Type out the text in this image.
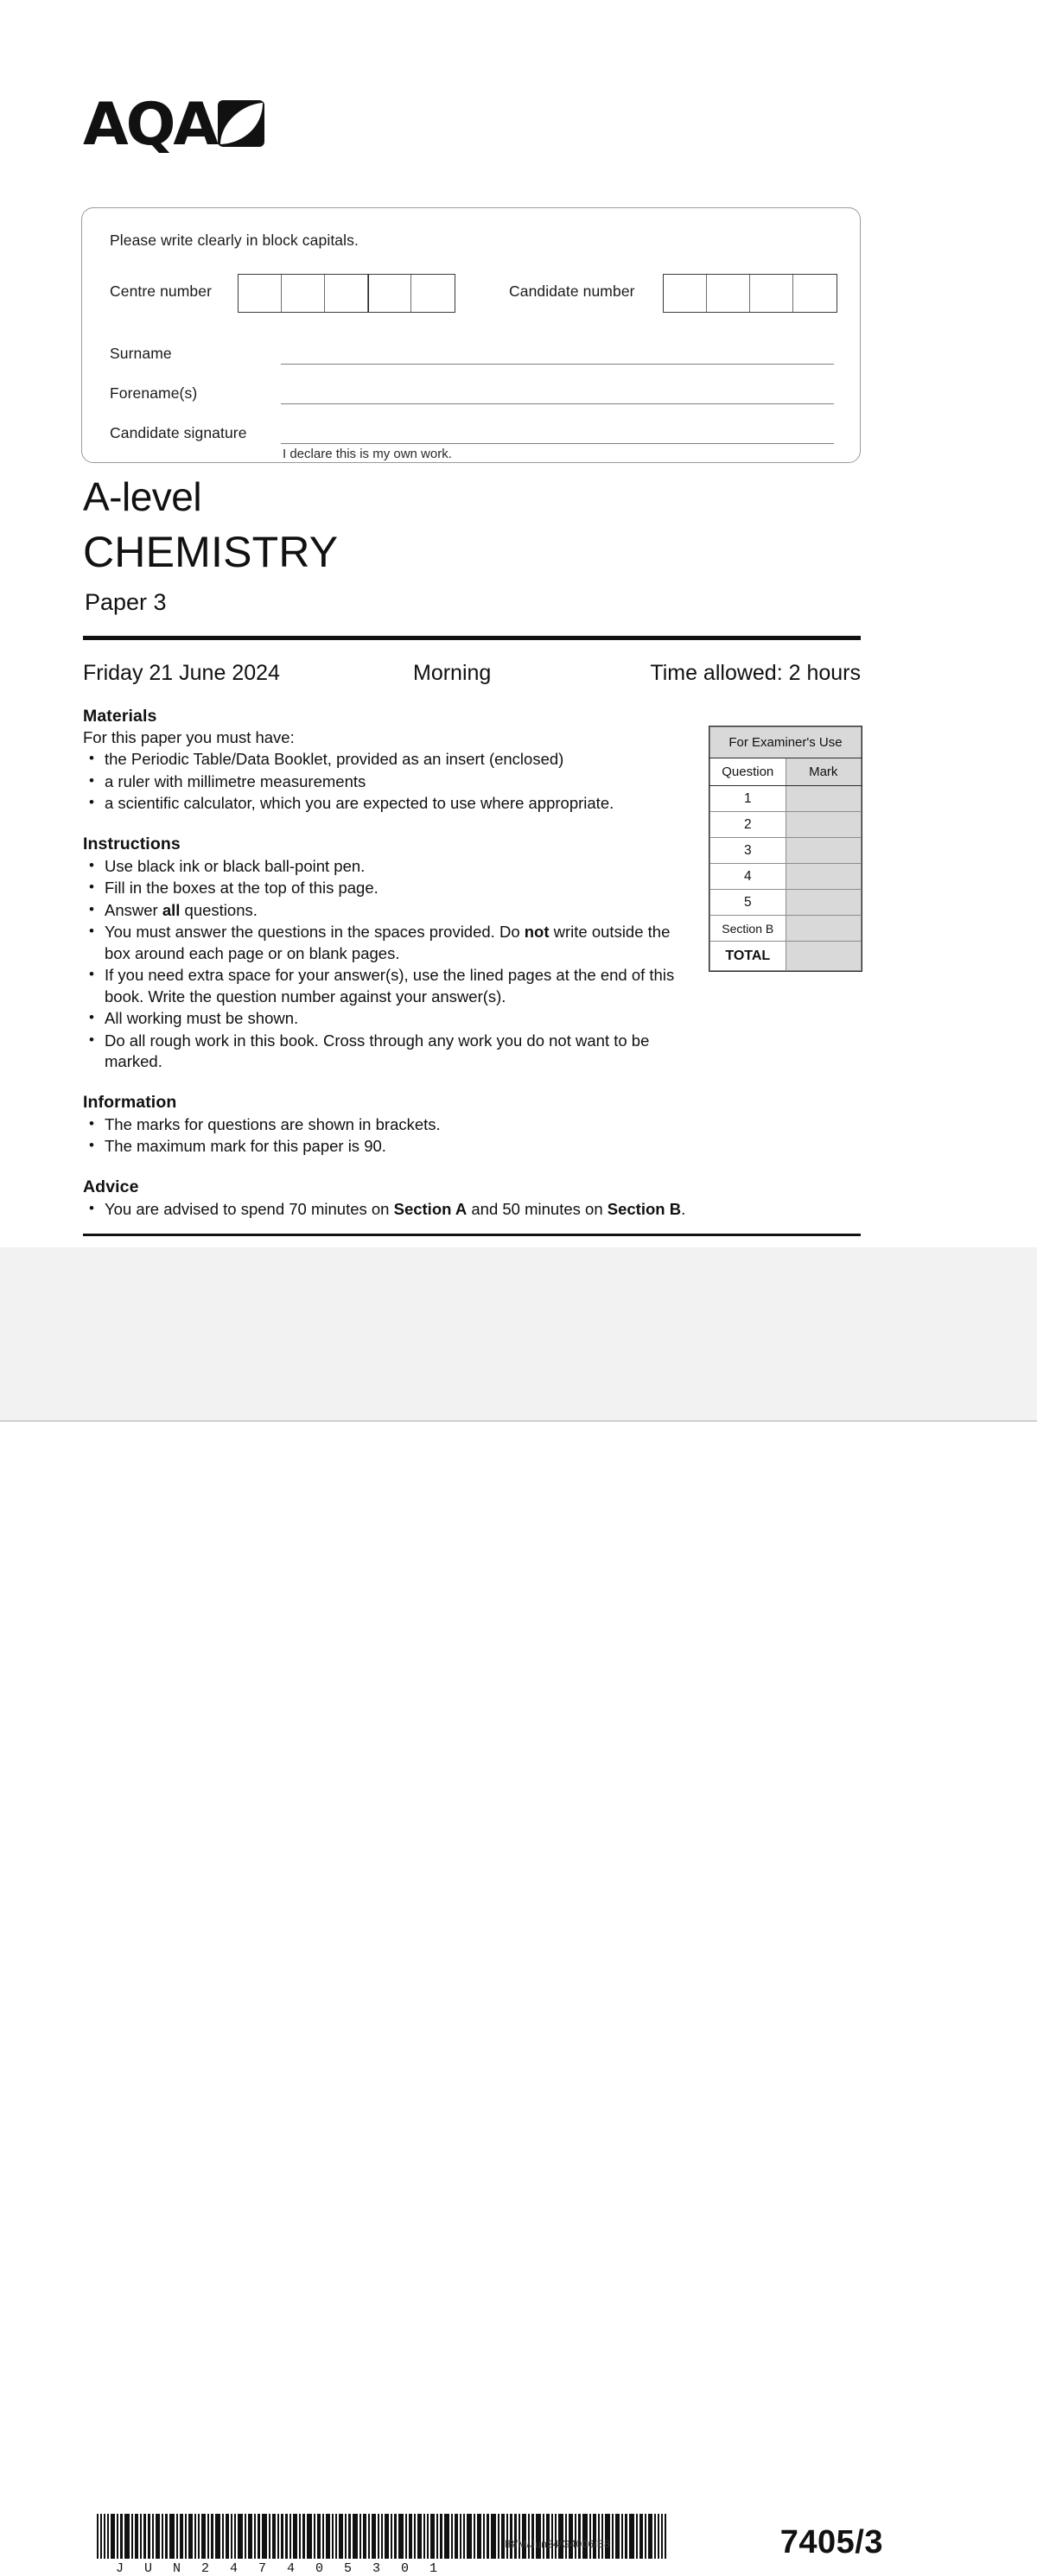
AQA
Please write clearly in block capitals.
Centre number	Candidate number
Surname
Forename(s)
Candidate signature
I declare this is my own work.
A-level
CHEMISTRY
Paper 3
Friday 21 June 2024	Morning	Time allowed: 2 hours
Materials
For this paper you must have:
• the Periodic Table/Data Booklet, provided as an insert (enclosed)
• a ruler with millimetre measurements
• a scientific calculator, which you are expected to use where appropriate.
Instructions
• Use black ink or black ball-point pen.
• Fill in the boxes at the top of this page.
• Answer all questions.
• You must answer the questions in the spaces provided. Do not write outside the box around each page or on blank pages.
• If you need extra space for your answer(s), use the lined pages at the end of this book. Write the question number against your answer(s).
• All working must be shown.
• Do all rough work in this book. Cross through any work you do not want to be marked.
Information
• The marks for questions are shown in brackets.
• The maximum mark for this paper is 90.
Advice
• You are advised to spend 70 minutes on Section A and 50 minutes on Section B.
For Examiner's Use	
Question	Mark
1	
2	
3	
4	
5	
Section B	
TOTAL	
J U N 2 4 7 4 0 5 3 0 1
IB/M/Jun24/G4006/E8	7405/3
